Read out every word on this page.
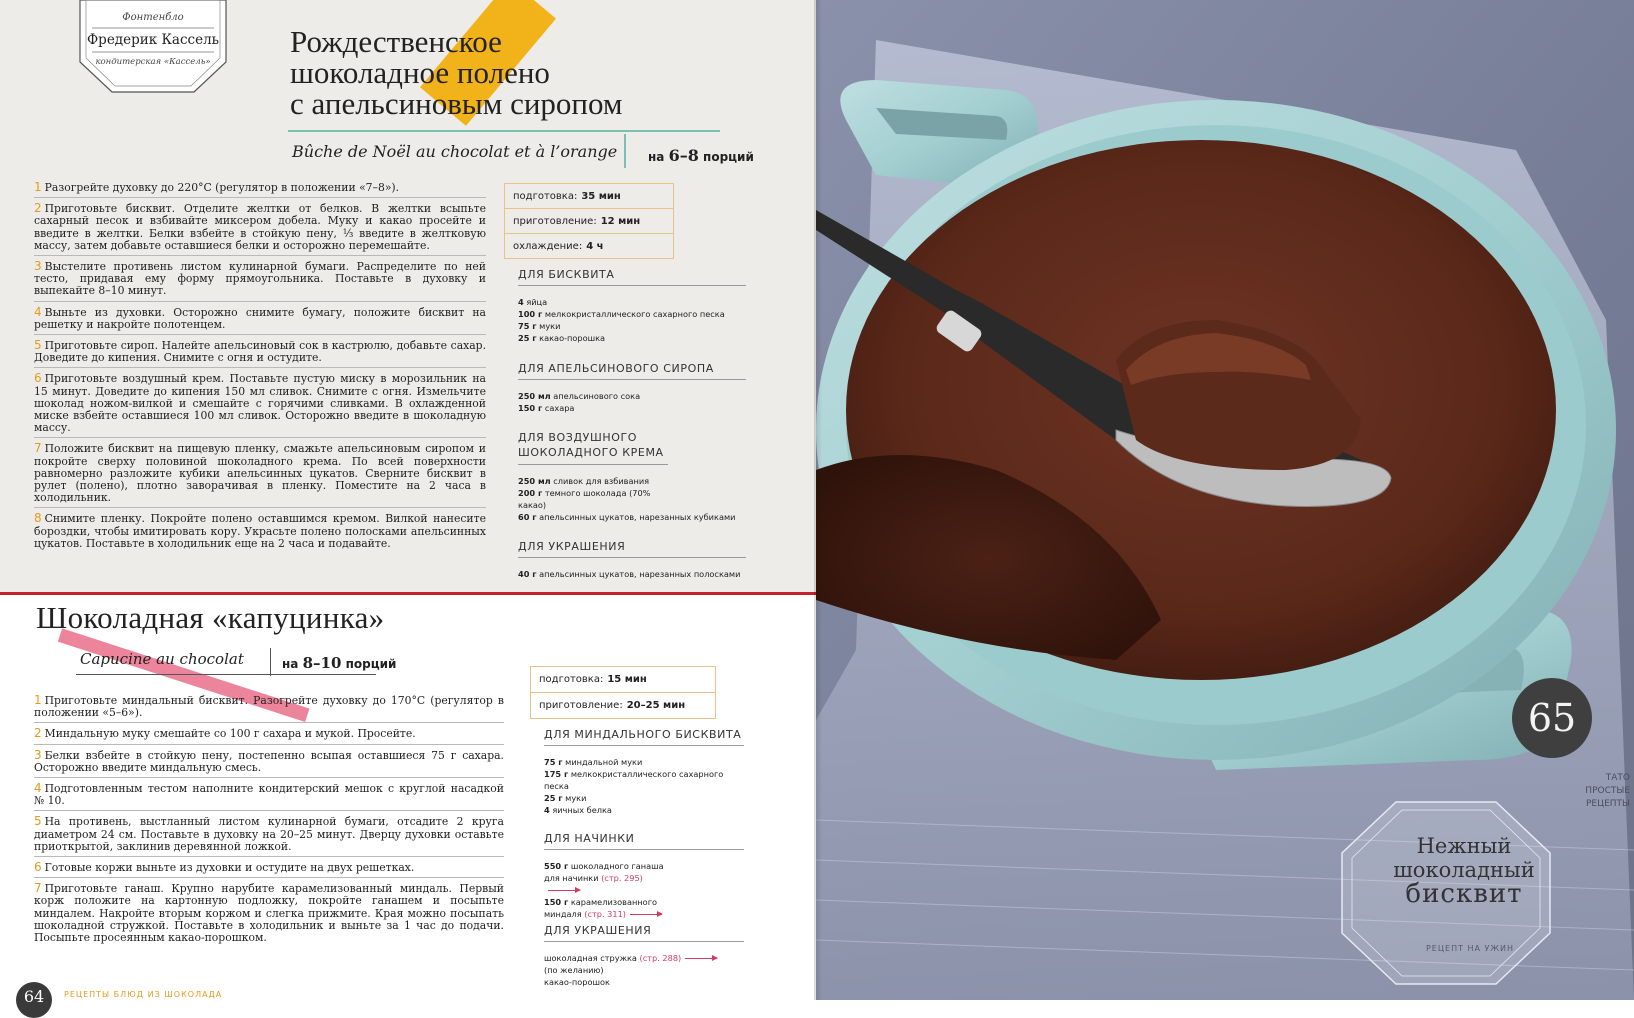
Фонтенбло
Фредерик Кассель
кондитерская «Кассель»
Рождественское
шоколадное полено
с апельсиновым сиропом
Bûche de Noël au chocolat et à l’orange	на 6–8 порций
1 Разогрейте духовку до 220°C (регулятор в положении «7–8»).
2 Приготовьте бисквит. Отделите желтки от белков. В желтки всыпьте сахарный песок и взбивайте миксером добела. Муку и какао просейте и введите в желтки. Белки взбейте в стойкую пену, ⅓ введите в желтковую массу, затем добавьте оставшиеся белки и осторожно перемешайте.
3 Выстелите противень листом кулинарной бумаги. Распределите по ней тесто, придавая ему форму прямоугольника. Поставьте в духовку и выпекайте 8–10 минут.
4 Выньте из духовки. Осторожно снимите бумагу, положите бисквит на решетку и накройте полотенцем.
5 Приготовьте сироп. Налейте апельсиновый сок в кастрюлю, добавьте сахар. Доведите до кипения. Снимите с огня и остудите.
6 Приготовьте воздушный крем. Поставьте пустую миску в морозильник на 15 минут. Доведите до кипения 150 мл сливок. Снимите с огня. Измельчите шоколад ножом-вилкой и смешайте с горячими сливками. В охлажденной миске взбейте оставшиеся 100 мл сливок. Осторожно введите в шоколадную массу.
7 Положите бисквит на пищевую пленку, смажьте апельсиновым сиропом и покройте сверху половиной шоколадного крема. По всей поверхности равномерно разложите кубики апельсинных цукатов. Сверните бисквит в рулет (полено), плотно заворачивая в пленку. Поместите на 2 часа в холодильник.
8 Снимите пленку. Покройте полено оставшимся кремом. Вилкой нанесите бороздки, чтобы имитировать кору. Украсьте полено полосками апельсинных цукатов. Поставьте в холодильник еще на 2 часа и подавайте.
подготовка: 35 мин
приготовление: 12 мин
охлаждение: 4 ч
ДЛЯ БИСКВИТА
4 яйца
100 г мелкокристаллического сахарного песка
75 г муки
25 г какао-порошка
ДЛЯ АПЕЛЬСИНОВОГО СИРОПА
250 мл апельсинового сока
150 г сахара
ДЛЯ ВОЗДУШНОГО ШОКОЛАДНОГО КРЕМА
250 мл сливок для взбивания
200 г темного шоколада (70% какао)
60 г апельсинных цукатов, нарезанных кубиками
ДЛЯ УКРАШЕНИЯ
40 г апельсинных цукатов, нарезанных полосками
Шоколадная «капуцинка»
Capucine au chocolat	на 8–10 порций
1 Приготовьте миндальный бисквит. Разогрейте духовку до 170°C (регулятор в положении «5–6»).
2 Миндальную муку смешайте со 100 г сахара и мукой. Просейте.
3 Белки взбейте в стойкую пену, постепенно всыпая оставшиеся 75 г сахара. Осторожно введите миндальную смесь.
4 Подготовленным тестом наполните кондитерский мешок с круглой насадкой № 10.
5 На противень, выстланный листом кулинарной бумаги, отсадите 2 круга диаметром 24 см. Поставьте в духовку на 20–25 минут. Дверцу духовки оставьте приоткрытой, заклинив деревянной ложкой.
6 Готовые коржи выньте из духовки и остудите на двух решетках.
7 Приготовьте ганаш. Крупно нарубите карамелизованный миндаль. Первый корж положите на картонную подложку, покройте ганашем и посыпьте миндалем. Накройте вторым коржом и слегка прижмите. Края можно посыпать шоколадной стружкой. Поставьте в холодильник и выньте за 1 час до подачи. Посыпьте просеянным какао-порошком.
подготовка: 15 мин
приготовление: 20–25 мин
ДЛЯ МИНДАЛЬНОГО БИСКВИТА
75 г миндальной муки
175 г мелкокристаллического сахарного песка
25 г муки
4 яичных белка
ДЛЯ НАЧИНКИ
550 г шоколадного ганаша для начинки (стр. 295)
150 г карамелизованного миндаля (стр. 311)
ДЛЯ УКРАШЕНИЯ
шоколадная стружка (стр. 288)
(по желанию)
какао-порошок
64	РЕЦЕПТЫ БЛЮД ИЗ ШОКОЛАДА
65
ТАТО
ПРОСТЫЕ
РЕЦЕПТЫ
Нежный
шоколадный
бисквит
РЕЦЕПТ НА УЖИН
